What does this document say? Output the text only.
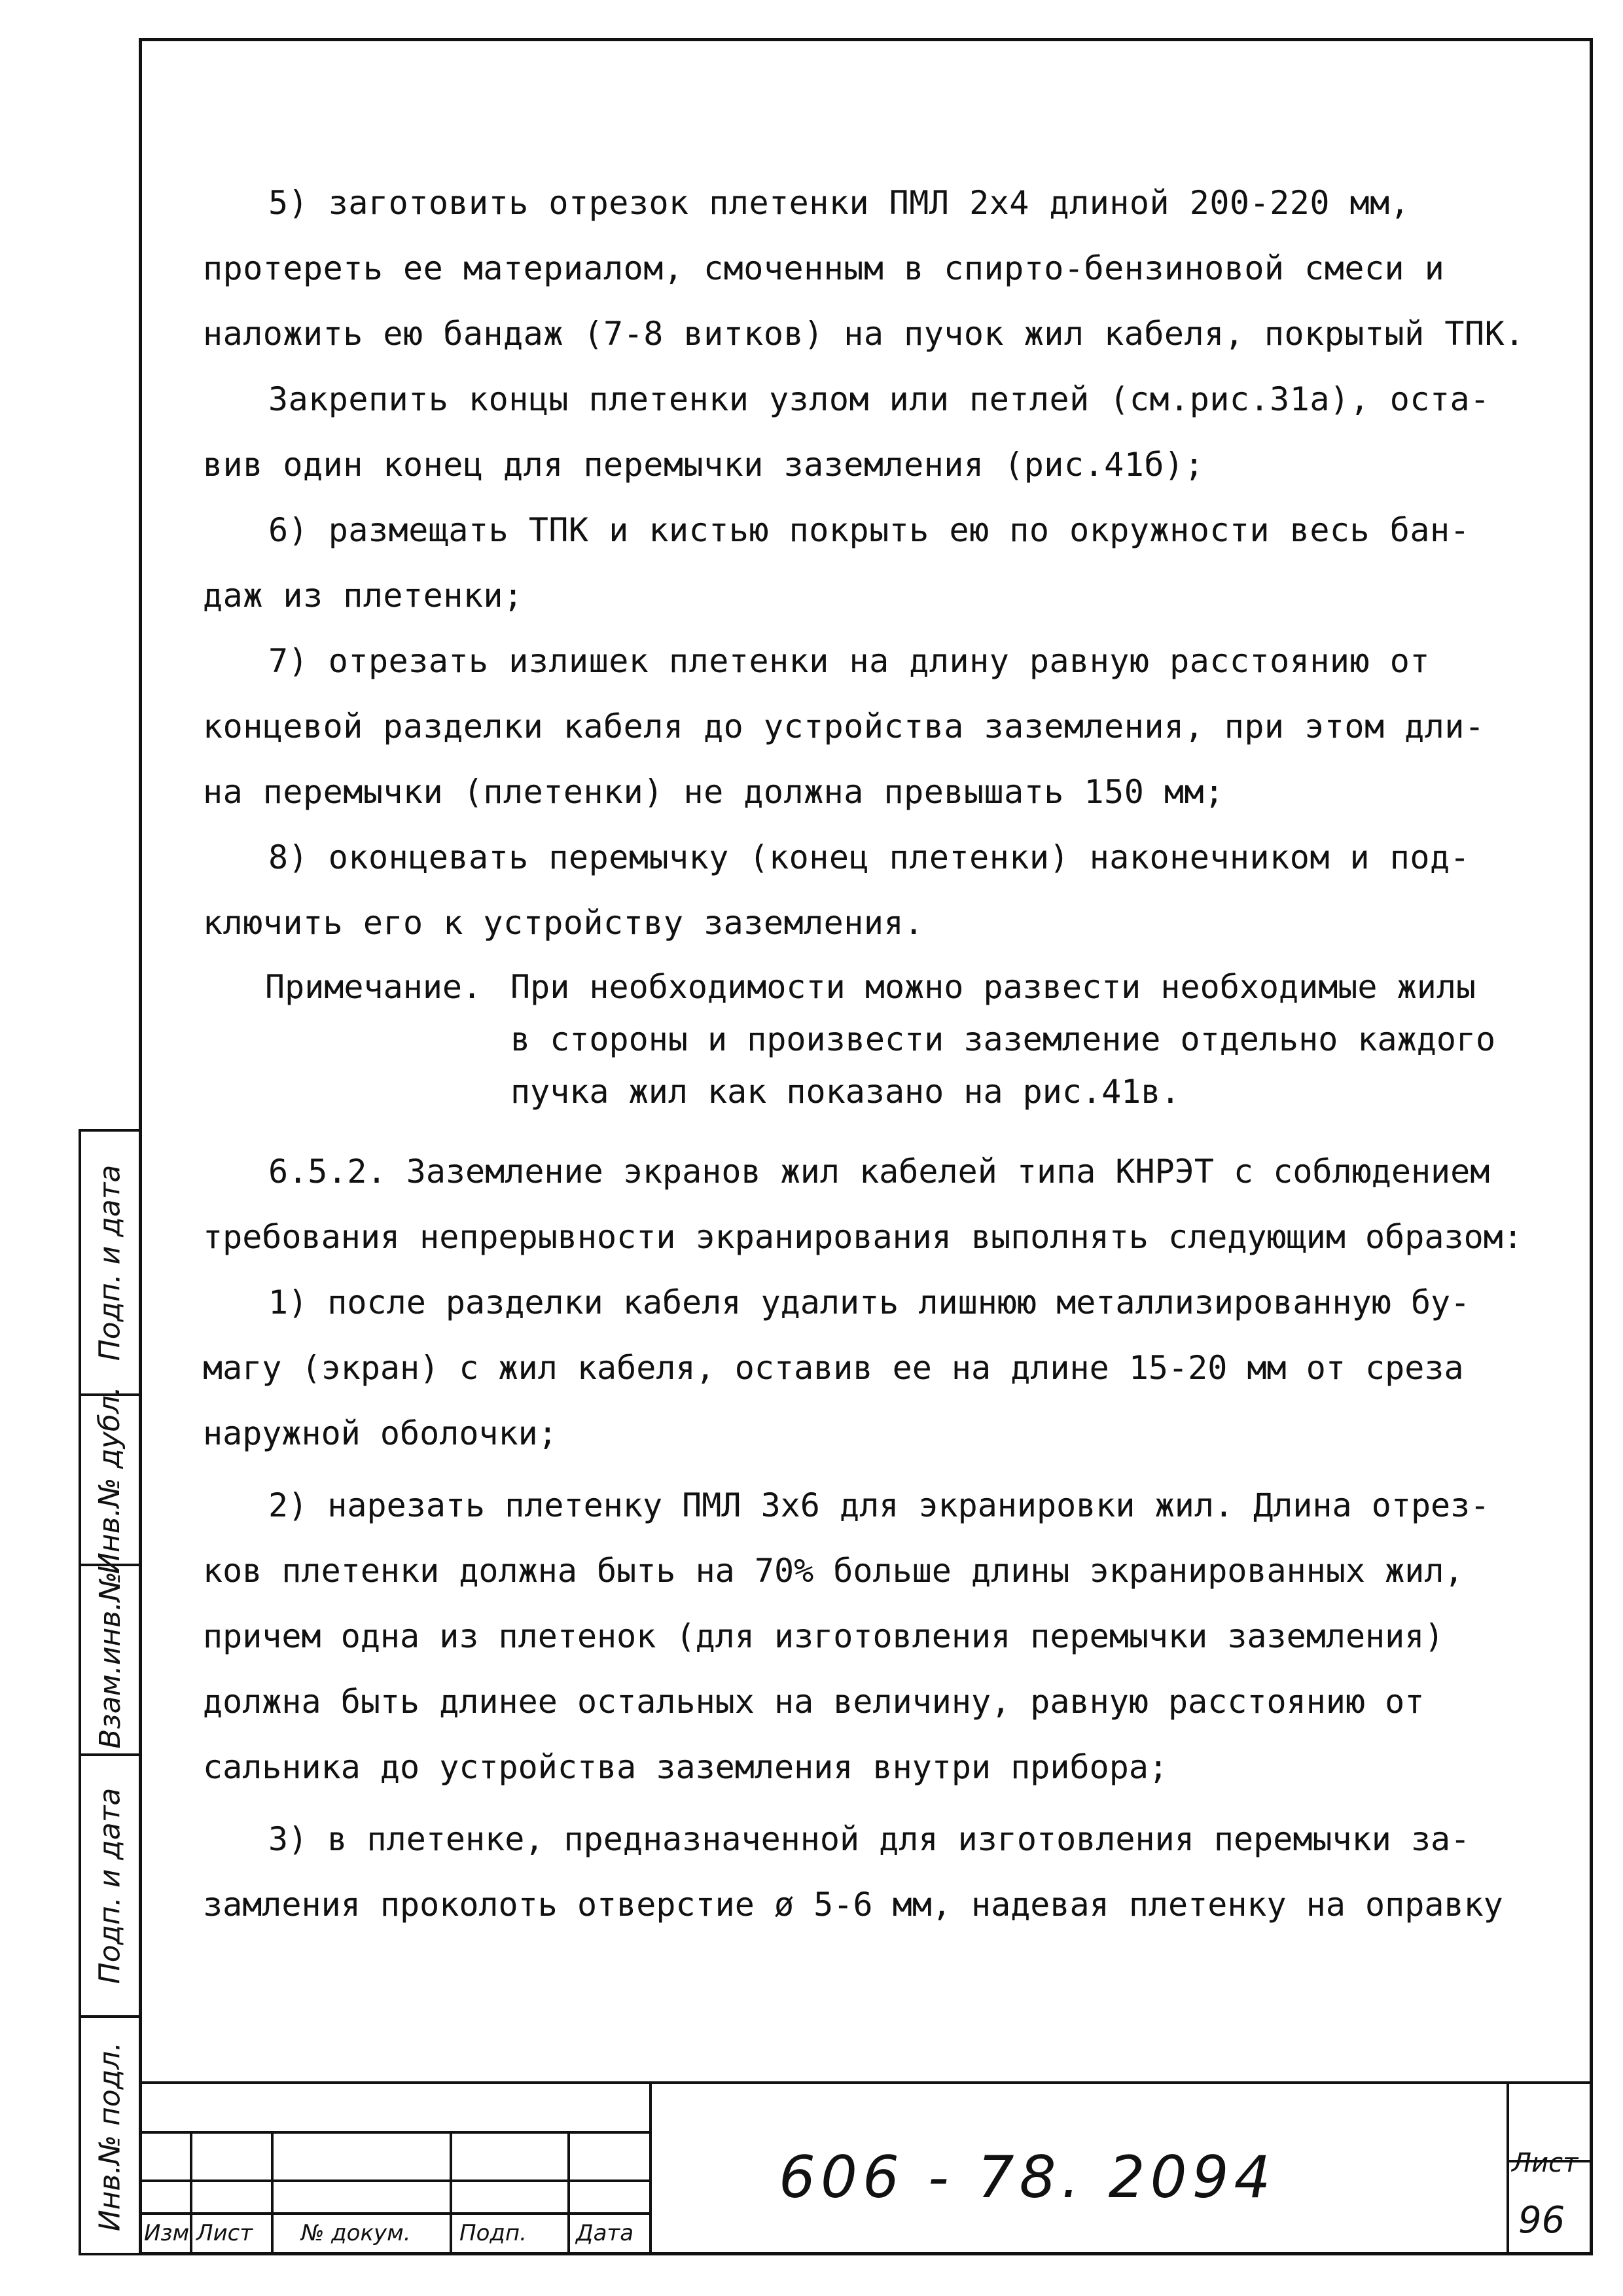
5) заготовить отрезок плетенки ПМЛ 2х4 длиной 200-220 мм,

протереть ее материалом, смоченным в спирто-бензиновой смеси и

наложить ею бандаж (7-8 витков) на пучок жил кабеля, покрытый ТПК.

Закрепить концы плетенки узлом или петлей (см.рис.31а), оста-

вив один конец для перемычки заземления (рис.41б);

6) размещать ТПК и кистью покрыть ею по окружности весь бан-

даж из плетенки;

7) отрезать излишек плетенки на длину равную расстоянию от

концевой разделки кабеля до устройства заземления, при этом дли-

на перемычки (плетенки) не должна превышать 150 мм;

8) оконцевать перемычку (конец плетенки) наконечником и под-

ключить его к устройству заземления.

Примечание. При необходимости можно развести необходимые жилы
в стороны и произвести заземление отдельно каждого
пучка жил как показано на рис.41в.

6.5.2. Заземление экранов жил кабелей типа КНРЭТ с соблюдением

требования непрерывности экранирования выполнять следующим образом:

1) после разделки кабеля удалить лишнюю металлизированную бу-

магу (экран) с жил кабеля, оставив ее на длине 15-20 мм от среза

наружной оболочки;

2) нарезать плетенку ПМЛ 3х6 для экранировки жил. Длина отрез-

ков плетенки должна быть на 70% больше длины экранированных жил,

причем одна из плетенок (для изготовления перемычки заземления)

должна быть длинее остальных на величину, равную расстоянию от

сальника до устройства заземления внутри прибора;

3) в плетенке, предназначенной для изготовления перемычки за-

замления проколоть отверстие ø 5-6 мм, надевая плетенку на оправку

Подп. и дата
Инв.№ дубл.
Взам.инв.№
Подп. и дата
Инв.№ подл.
Изм Лист № докум. Подп. Дата
606 - 78. 2094	Лист
96
